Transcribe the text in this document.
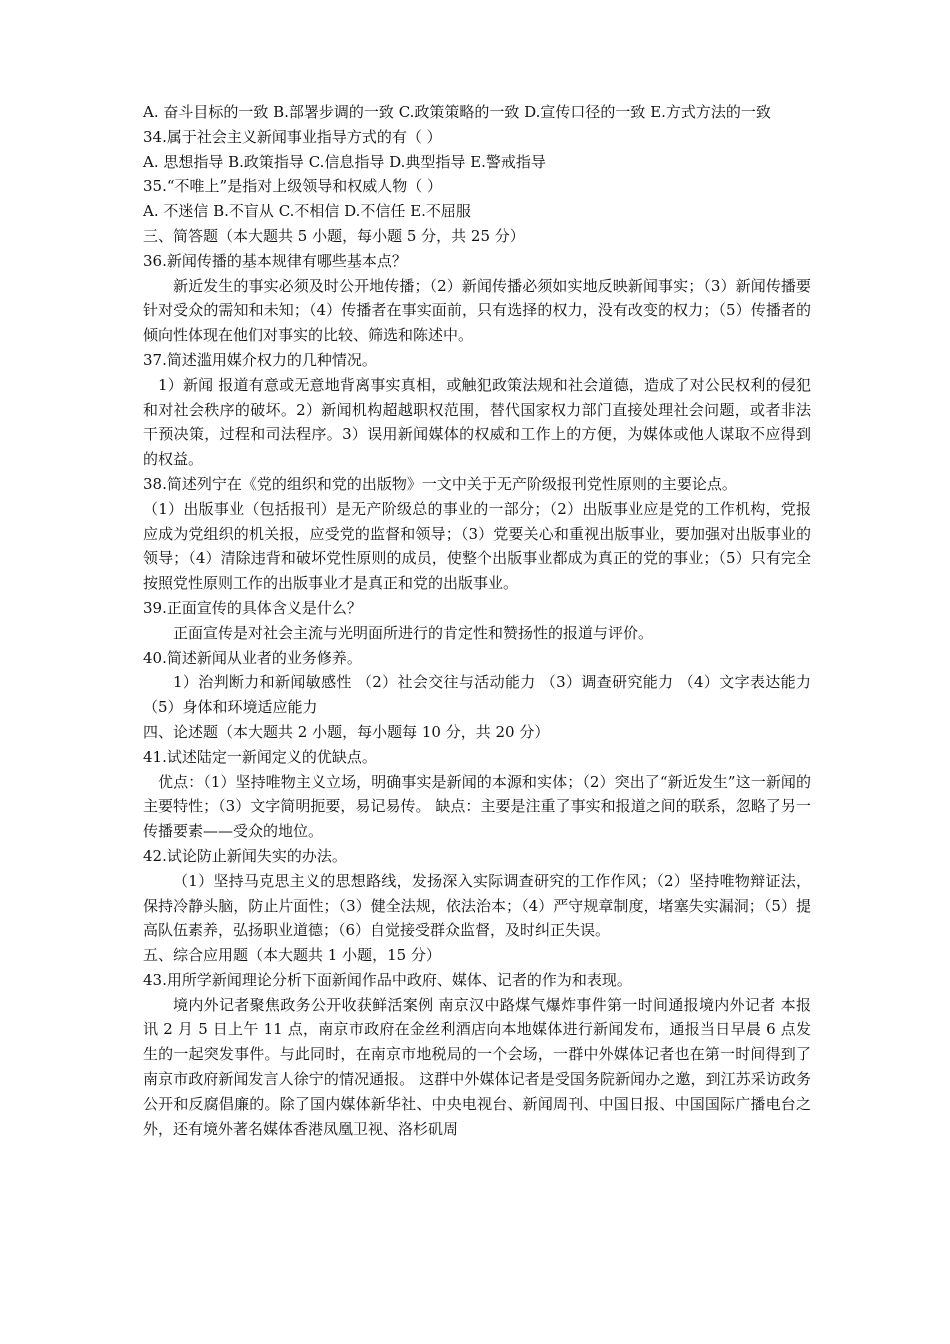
A. 奋斗目标的一致 B.部署步调的一致 C.政策策略的一致 D.宣传口径的一致 E.方式方法的一致

34.属于社会主义新闻事业指导方式的有（ ）

A. 思想指导 B.政策指导 C.信息指导 D.典型指导 E.警戒指导

35.“不唯上”是指对上级领导和权威人物（ ）

A. 不迷信 B.不盲从 C.不相信 D.不信任 E.不屈服

三、简答题（本大题共 5 小题，每小题 5 分，共 25 分）

36.新闻传播的基本规律有哪些基本点？

新近发生的事实必须及时公开地传播；（2）新闻传播必须如实地反映新闻事实；（3）新闻传播要针对受众的需知和未知；（4）传播者在事实面前，只有选择的权力，没有改变的权力；（5）传播者的倾向性体现在他们对事实的比较、筛选和陈述中。

37.简述滥用媒介权力的几种情况。

1）新闻 报道有意或无意地背离事实真相，或触犯政策法规和社会道德，造成了对公民权利的侵犯和对社会秩序的破坏。2）新闻机构超越职权范围，替代国家权力部门直接处理社会问题，或者非法干预决策，过程和司法程序。3）误用新闻媒体的权威和工作上的方便，为媒体或他人谋取不应得到的权益。

38.简述列宁在《党的组织和党的出版物》一文中关于无产阶级报刊党性原则的主要论点。

（1）出版事业（包括报刊）是无产阶级总的事业的一部分；（2）出版事业应是党的工作机构，党报应成为党组织的机关报，应受党的监督和领导；（3）党要关心和重视出版事业，要加强对出版事业的领导；（4）清除违背和破坏党性原则的成员，使整个出版事业都成为真正的党的事业；（5）只有完全按照党性原则工作的出版事业才是真正和党的出版事业。

39.正面宣传的具体含义是什么？

正面宣传是对社会主流与光明面所进行的肯定性和赞扬性的报道与评价。

40.简述新闻从业者的业务修养。

1）治判断力和新闻敏感性 （2）社会交往与活动能力 （3）调查研究能力 （4）文字表达能力（5）身体和环境适应能力

四、论述题（本大题共 2 小题，每小题每 10 分，共 20 分）

41.试述陆定一新闻定义的优缺点。

优点：（1）坚持唯物主义立场，明确事实是新闻的本源和实体；（2）突出了“新近发生”这一新闻的主要特性；（3）文字简明扼要，易记易传。 缺点：主要是注重了事实和报道之间的联系，忽略了另一传播要素——受众的地位。

42.试论防止新闻失实的办法。

（1）坚持马克思主义的思想路线，发扬深入实际调查研究的工作作风；（2）坚持唯物辩证法，保持冷静头脑，防止片面性；（3）健全法规，依法治本；（4）严守规章制度，堵塞失实漏洞；（5）提高队伍素养，弘扬职业道德；（6）自觉接受群众监督，及时纠正失误。

五、综合应用题（本大题共 1 小题，15 分）

43.用所学新闻理论分析下面新闻作品中政府、媒体、记者的作为和表现。

境内外记者聚焦政务公开收获鲜活案例 南京汉中路煤气爆炸事件第一时间通报境内外记者 本报讯 2 月 5 日上午 11 点，南京市政府在金丝利酒店向本地媒体进行新闻发布，通报当日早晨 6 点发生的一起突发事件。与此同时，在南京市地税局的一个会场，一群中外媒体记者也在第一时间得到了南京市政府新闻发言人徐宁的情况通报。 这群中外媒体记者是受国务院新闻办之邀，到江苏采访政务公开和反腐倡廉的。除了国内媒体新华社、中央电视台、新闻周刊、中国日报、中国国际广播电台之外，还有境外著名媒体香港凤凰卫视、洛杉矶周
